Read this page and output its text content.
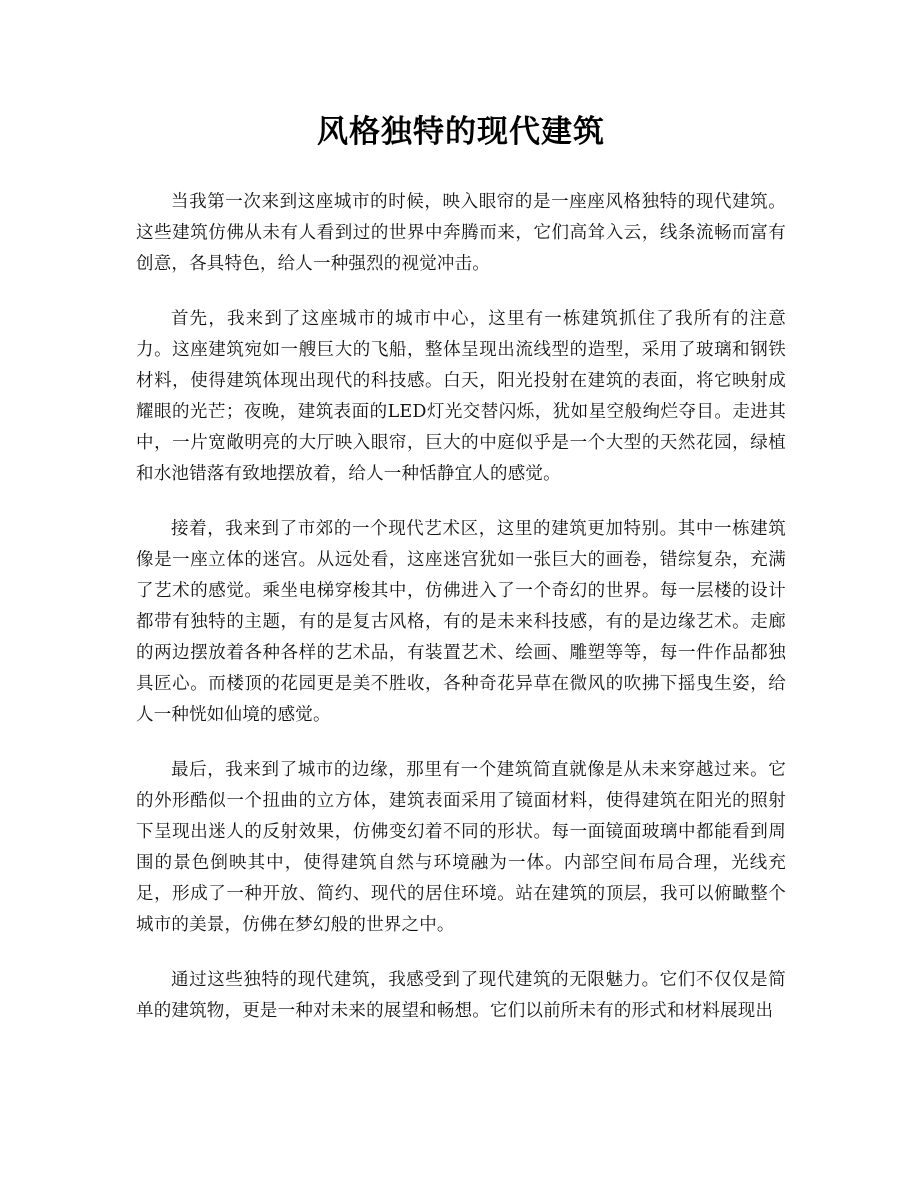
风格独特的现代建筑

当我第一次来到这座城市的时候，映入眼帘的是一座座风格独特的现代建筑。这些建筑仿佛从未有人看到过的世界中奔腾而来，它们高耸入云，线条流畅而富有创意，各具特色，给人一种强烈的视觉冲击。

首先，我来到了这座城市的城市中心，这里有一栋建筑抓住了我所有的注意力。这座建筑宛如一艘巨大的飞船，整体呈现出流线型的造型，采用了玻璃和钢铁材料，使得建筑体现出现代的科技感。白天，阳光投射在建筑的表面，将它映射成耀眼的光芒；夜晚，建筑表面的LED灯光交替闪烁，犹如星空般绚烂夺目。走进其中，一片宽敞明亮的大厅映入眼帘，巨大的中庭似乎是一个大型的天然花园，绿植和水池错落有致地摆放着，给人一种恬静宜人的感觉。

接着，我来到了市郊的一个现代艺术区，这里的建筑更加特别。其中一栋建筑像是一座立体的迷宫。从远处看，这座迷宫犹如一张巨大的画卷，错综复杂，充满了艺术的感觉。乘坐电梯穿梭其中，仿佛进入了一个奇幻的世界。每一层楼的设计都带有独特的主题，有的是复古风格，有的是未来科技感，有的是边缘艺术。走廊的两边摆放着各种各样的艺术品，有装置艺术、绘画、雕塑等等，每一件作品都独具匠心。而楼顶的花园更是美不胜收，各种奇花异草在微风的吹拂下摇曳生姿，给人一种恍如仙境的感觉。

最后，我来到了城市的边缘，那里有一个建筑简直就像是从未来穿越过来。它的外形酷似一个扭曲的立方体，建筑表面采用了镜面材料，使得建筑在阳光的照射下呈现出迷人的反射效果，仿佛变幻着不同的形状。每一面镜面玻璃中都能看到周围的景色倒映其中，使得建筑自然与环境融为一体。内部空间布局合理，光线充足，形成了一种开放、简约、现代的居住环境。站在建筑的顶层，我可以俯瞰整个城市的美景，仿佛在梦幻般的世界之中。

通过这些独特的现代建筑，我感受到了现代建筑的无限魅力。它们不仅仅是简单的建筑物，更是一种对未来的展望和畅想。它们以前所未有的形式和材料展现出
